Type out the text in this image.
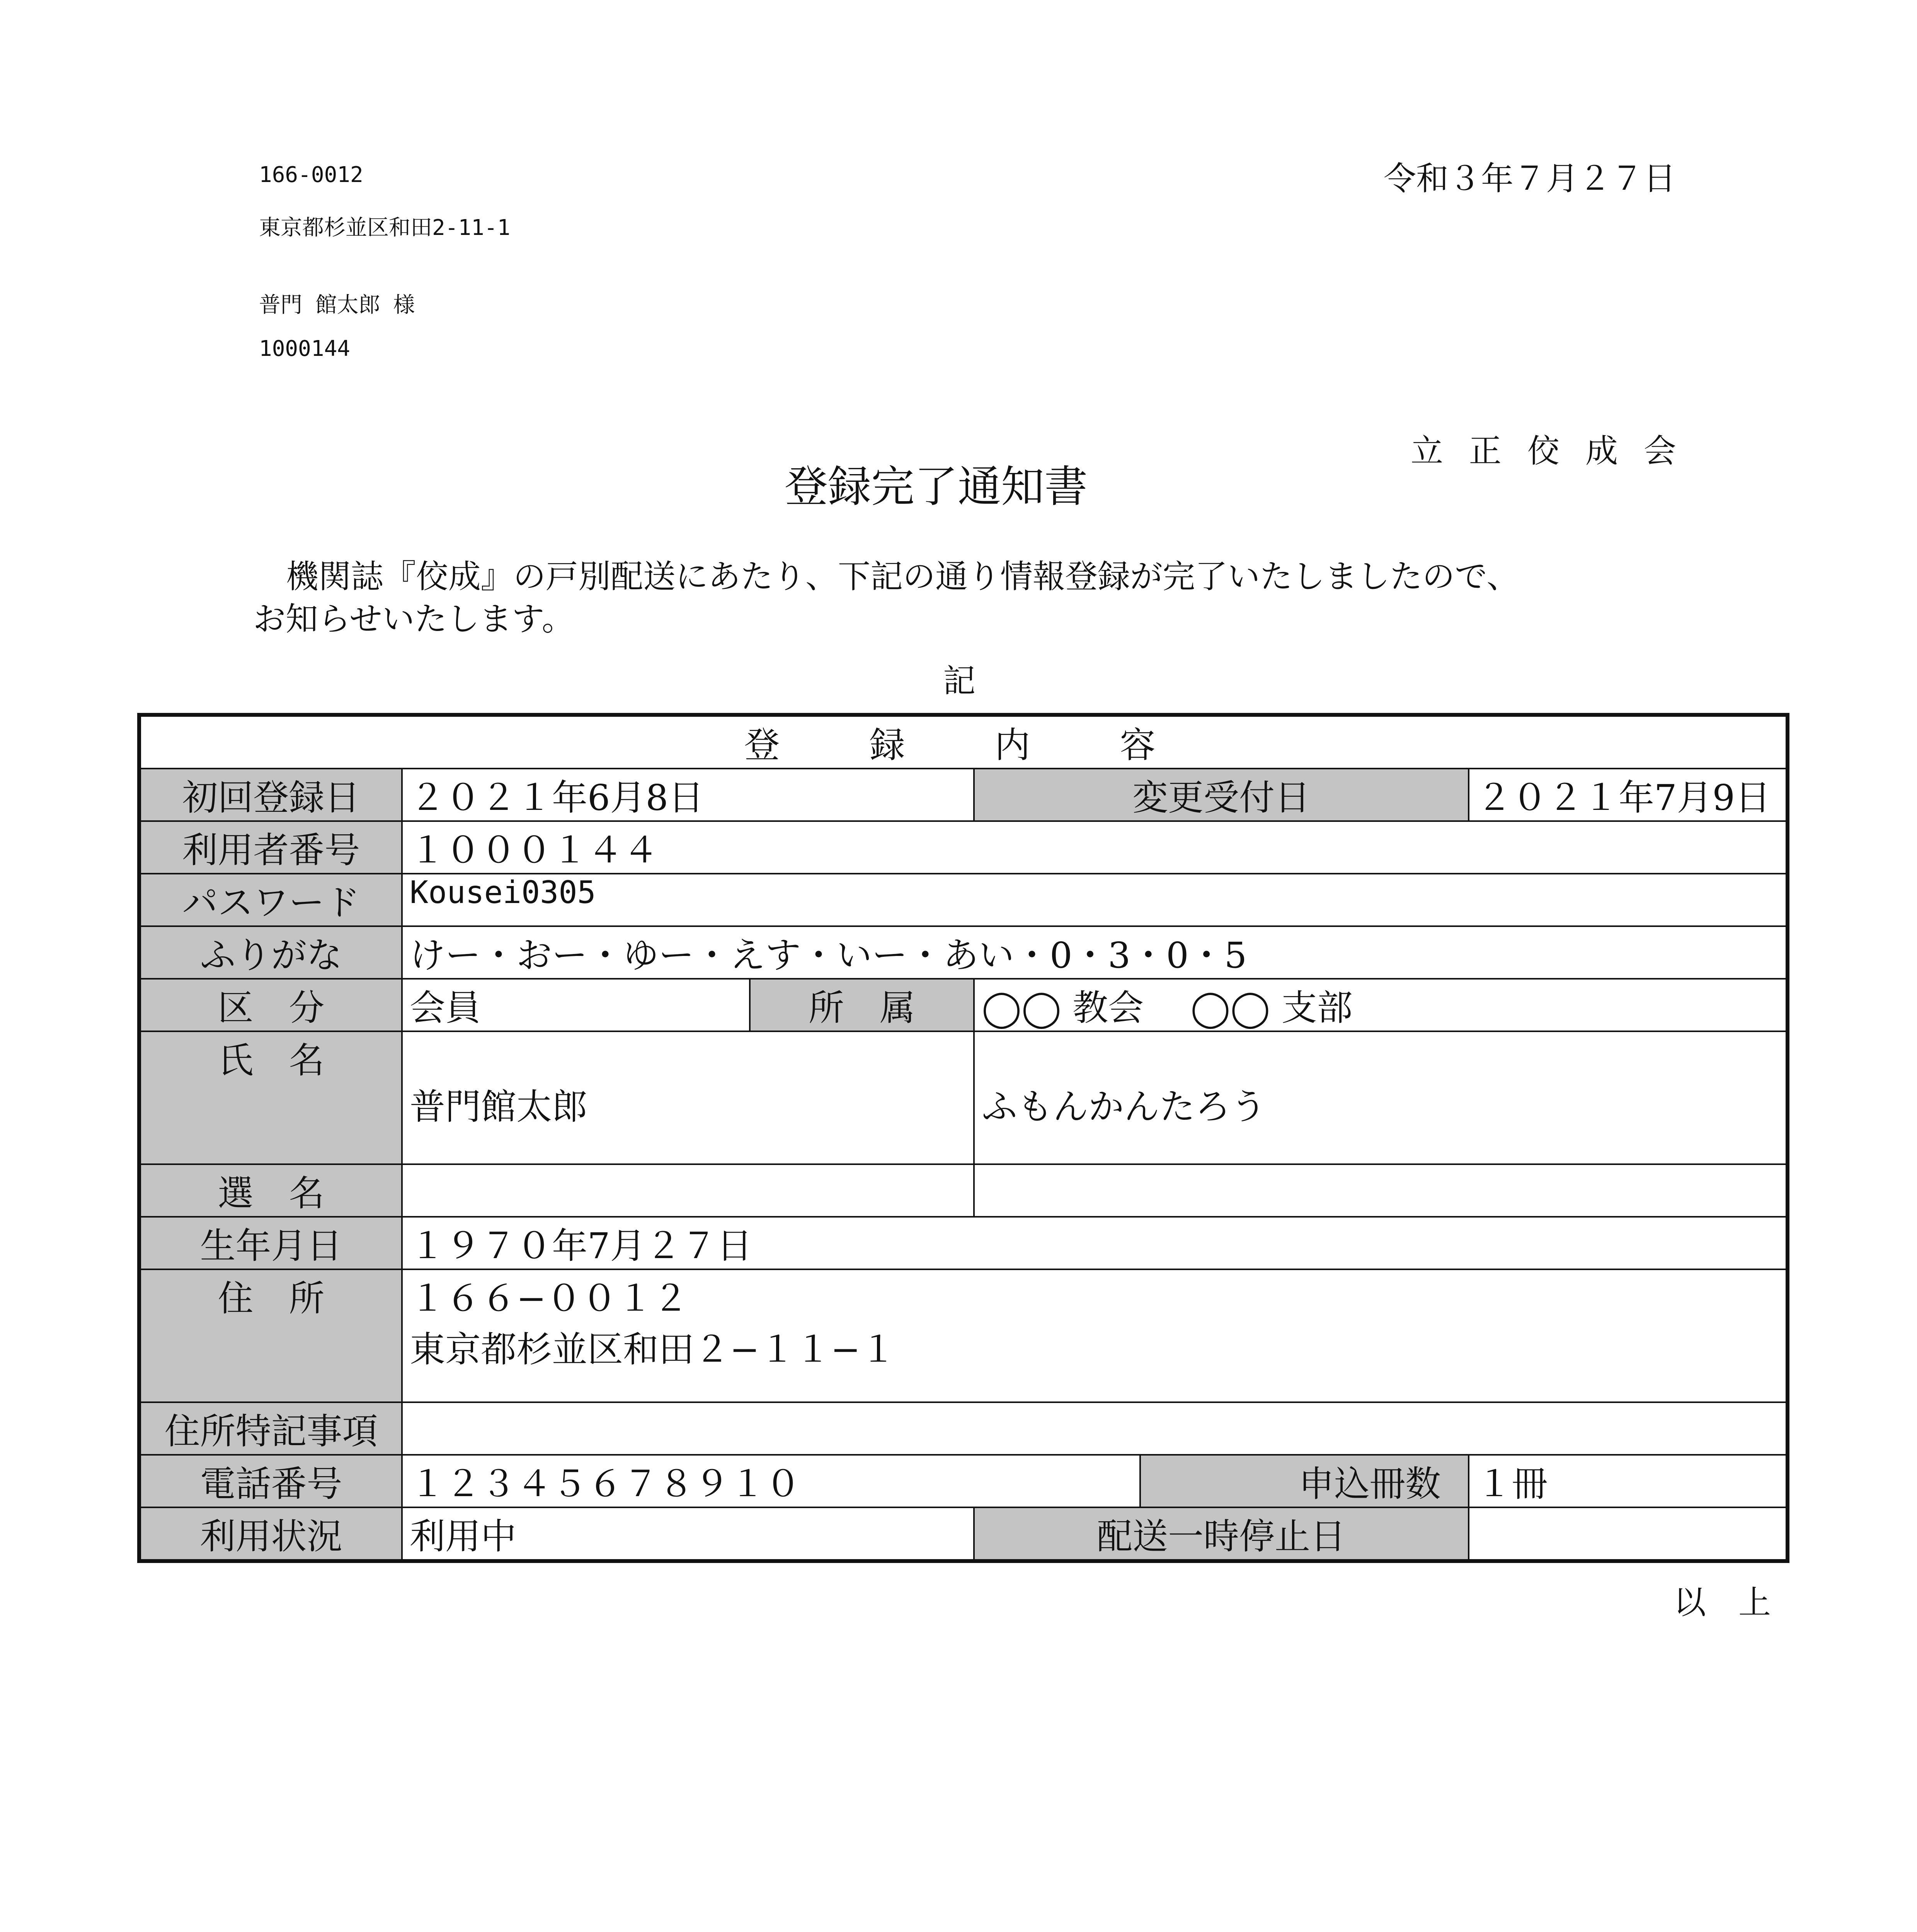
166-0012
東京都杉並区和田2-11-1
普門 館太郎 様
1000144
令和３年７月２７日
立 正 佼 成 会
登録完了通知書
機関誌『佼成』の戸別配送にあたり、下記の通り情報登録が完了いたしましたので、
お知らせいたします。
記
登　録　内　容					
初回登録日	２０２１年6月8日		変更受付日		２０２１年7月9日
利用者番号	１０００１４４				
パスワード	Kousei0305				
ふりがな	けー・おー・ゆー・えす・いー・あい・0・3・0・5				
区　分	会員	所　属	◯◯ 教会　 ◯◯ 支部		
氏　名	普門館太郎		ふもんかんたろう		
選　名					
生年月日	１９７０年7月２７日				
住　所	１６６−００１２
東京都杉並区和田２−１１−１				

住所特記事項					
電話番号	１２３４５６７８９１０			申込冊数	１冊
利用状況	利用中		配送一時停止日		
以　上
